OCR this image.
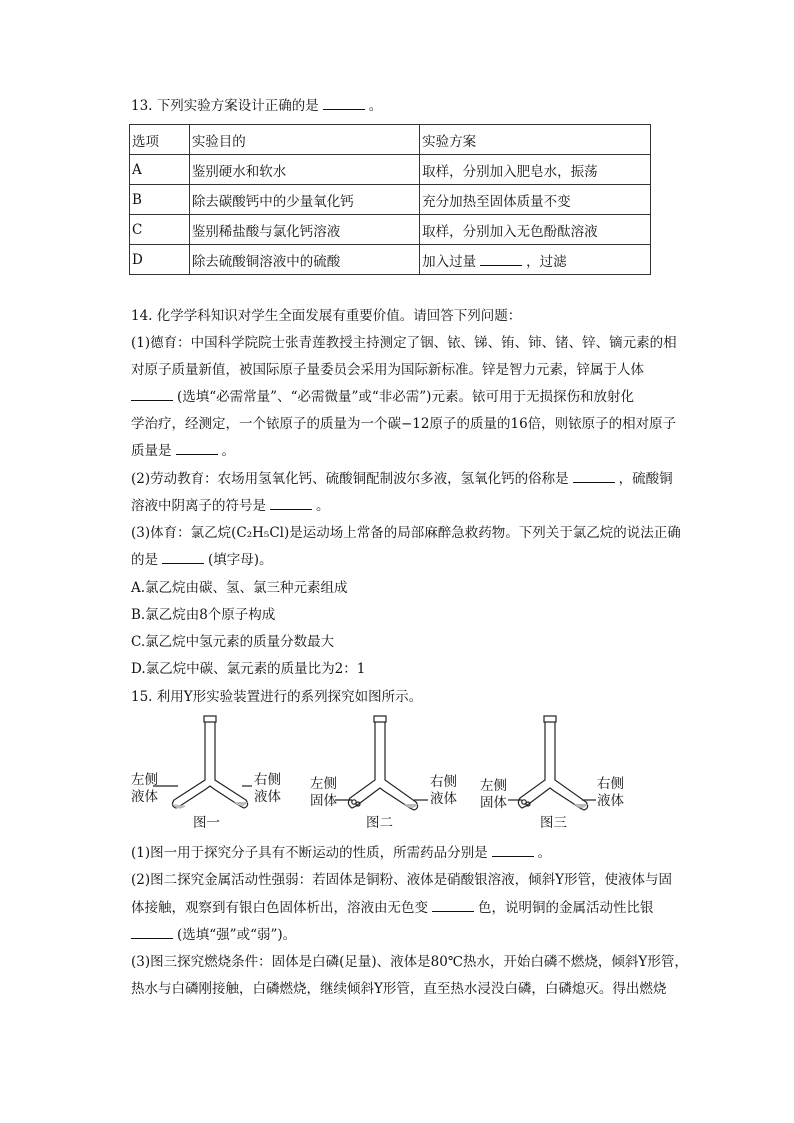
13. 下列实验方案设计正确的是	。
选项	实验目的	实验方案
A	鉴别硬水和软水	取样，分别加入肥皂水，振荡
B	除去碳酸钙中的少量氧化钙	充分加热至固体质量不变
C	鉴别稀盐酸与氯化钙溶液	取样，分别加入无色酚酞溶液
D	除去硫酸铜溶液中的硫酸	加入过量 ，过滤
14. 化学学科知识对学生全面发展有重要价值。请回答下列问题：
(1)德育：中国科学院院士张青莲教授主持测定了铟、铱、锑、铕、铈、锗、锌、镝元素的相
对原子质量新值，被国际原子量委员会采用为国际新标准。锌是智力元素，锌属于人体
(选填“必需常量”、“必需微量”或“非必需”)元素。铱可用于无损探伤和放射化
学治疗，经测定，一个铱原子的质量为一个碳−12原子的质量的16倍，则铱原子的相对原子
质量是	。
(2)劳动教育：农场用氢氧化钙、硫酸铜配制波尔多液，氢氧化钙的俗称是	，硫酸铜
溶液中阴离子的符号是	。
(3)体育：氯乙烷(C₂H₅Cl)是运动场上常备的局部麻醉急救药物。下列关于氯乙烷的说法正确
的是	(填字母)。
A.氯乙烷由碳、氢、氯三种元素组成
B.氯乙烷由8个原子构成
C.氯乙烷中氢元素的质量分数最大
D.氯乙烷中碳、氯元素的质量比为2：1
15. 利用Y形实验装置进行的系列探究如图所示。
左侧
液体
右侧
液体
图一
左侧
固体
右侧
液体
图二
左侧
固体
右侧
液体
图三
(1)图一用于探究分子具有不断运动的性质，所需药品分别是	。
(2)图二探究金属活动性强弱：若固体是铜粉、液体是硝酸银溶液，倾斜Y形管，使液体与固
体接触，观察到有银白色固体析出，溶液由无色变	色，说明铜的金属活动性比银
(选填“强”或“弱”)。
(3)图三探究燃烧条件：固体是白磷(足量)、液体是80℃热水，开始白磷不燃烧，倾斜Y形管，
热水与白磷刚接触，白磷燃烧，继续倾斜Y形管，直至热水浸没白磷，白磷熄灭。得出燃烧
